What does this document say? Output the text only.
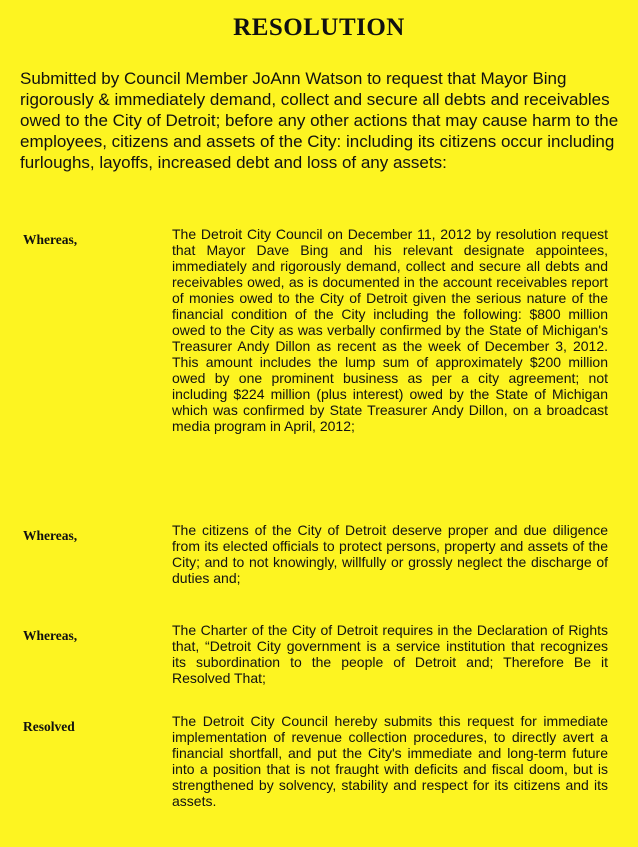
RESOLUTION

Submitted by Council Member JoAnn Watson to request that Mayor Bing rigorously & immediately demand, collect and secure all debts and receivables owed to the City of Detroit; before any other actions that may cause harm to the employees, citizens and assets of the City: including its citizens occur including furloughs, layoffs, increased debt and loss of any assets:

Whereas,	The Detroit City Council on December 11, 2012 by resolution request that Mayor Dave Bing and his relevant designate appointees, immediately and rigorously demand, collect and secure all debts and receivables owed, as is documented in the account receivables report of monies owed to the City of Detroit given the serious nature of the financial condition of the City including the following: $800 million owed to the City as was verbally confirmed by the State of Michigan's Treasurer Andy Dillon as recent as the week of December 3, 2012. This amount includes the lump sum of approximately $200 million owed by one prominent business as per a city agreement; not including $224 million (plus interest) owed by the State of Michigan which was confirmed by State Treasurer Andy Dillon, on a broadcast media program in April, 2012;

Whereas,	The citizens of the City of Detroit deserve proper and due diligence from its elected officials to protect persons, property and assets of the City; and to not knowingly, willfully or grossly neglect the discharge of duties and;

Whereas,	The Charter of the City of Detroit requires in the Declaration of Rights that, “Detroit City government is a service institution that recognizes its subordination to the people of Detroit and; Therefore Be it Resolved That;

Resolved	The Detroit City Council hereby submits this request for immediate implementation of revenue collection procedures, to directly avert a financial shortfall, and put the City's immediate and long-term future into a position that is not fraught with deficits and fiscal doom, but is strengthened by solvency, stability and respect for its citizens and its assets.
